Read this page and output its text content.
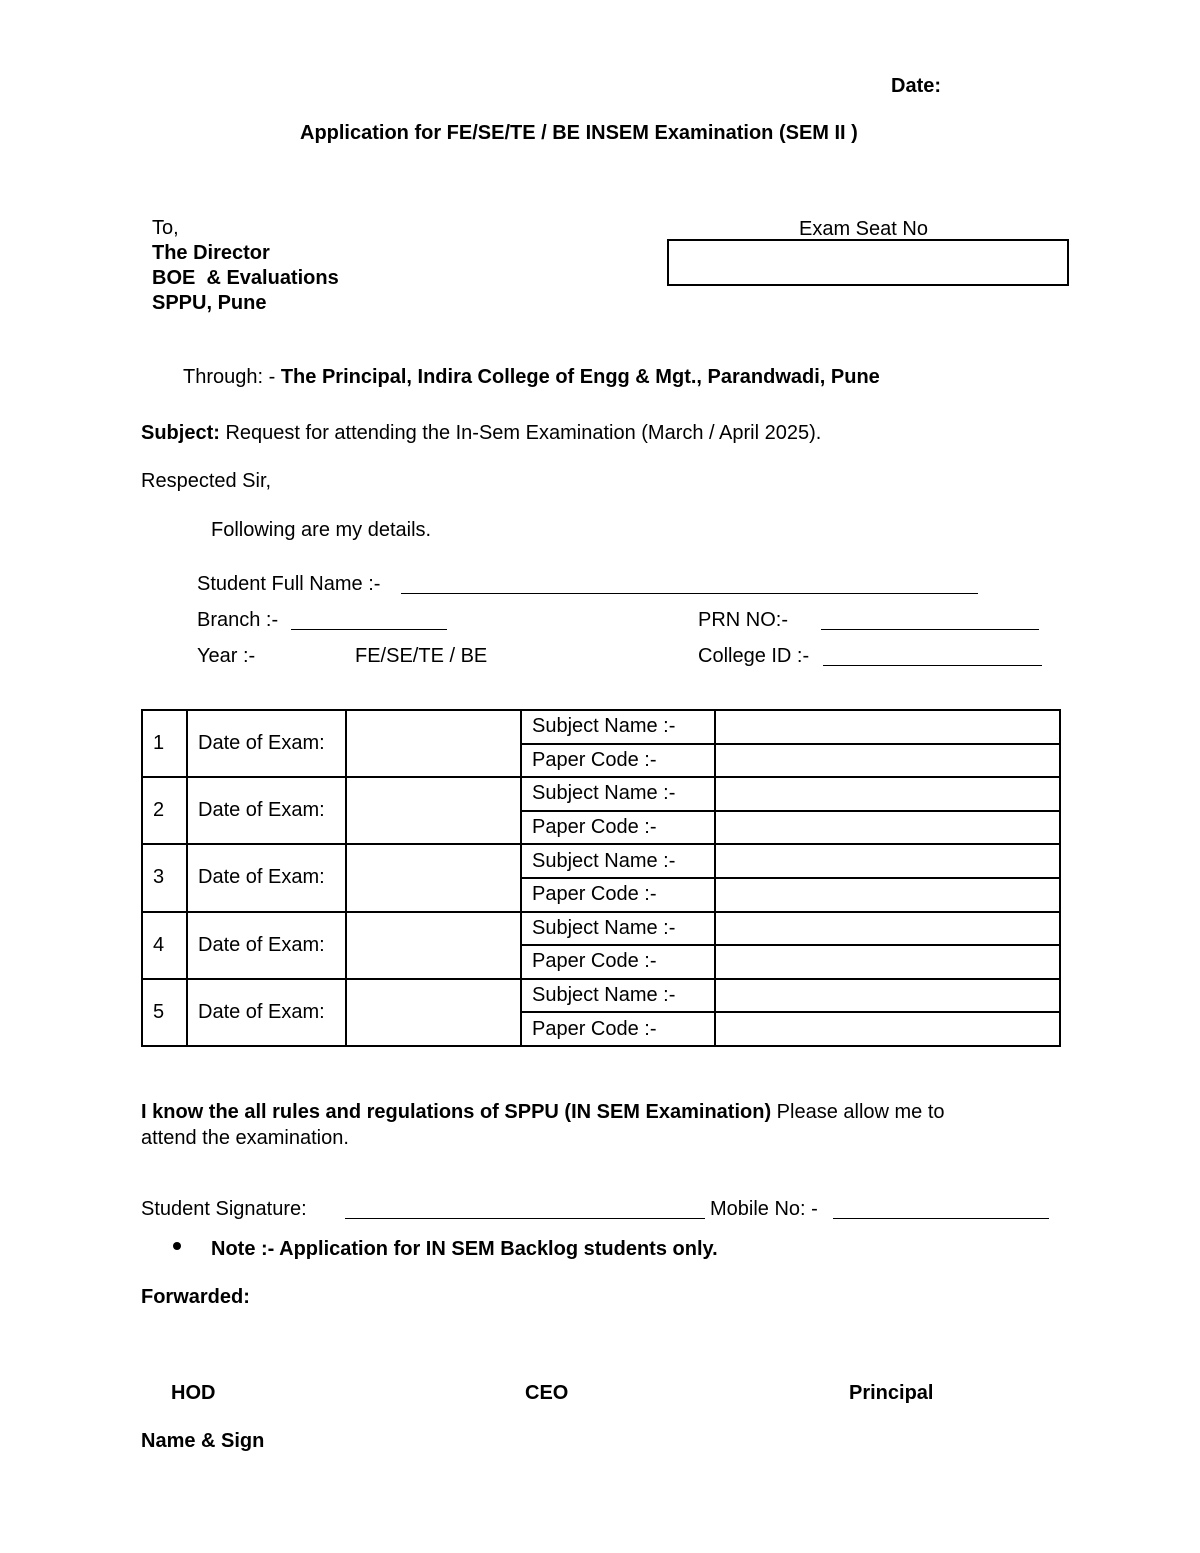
Date:
Application for FE/SE/TE / BE INSEM Examination (SEM II )
To,
The Director
BOE  & Evaluations
SPPU, Pune
Exam Seat No
Through: - The Principal, Indira College of Engg & Mgt., Parandwadi, Pune
Subject: Request for attending the In-Sem Examination (March / April 2025).
Respected Sir,
Following are my details.
Student Full Name :-
Branch :-	PRN NO:-
Year :-	FE/SE/TE / BE	College ID :-
1	Date of Exam:		Subject Name :-	
			Paper Code :-	
2	Date of Exam:		Subject Name :-	
			Paper Code :-	
3	Date of Exam:		Subject Name :-	
			Paper Code :-	
4	Date of Exam:		Subject Name :-	
			Paper Code :-	
5	Date of Exam:		Subject Name :-	
			Paper Code :-	
I know the all rules and regulations of SPPU (IN SEM Examination) Please allow me to
attend the examination.
Student Signature:	Mobile No: -
Note :- Application for IN SEM Backlog students only.
Forwarded:
HOD	CEO	Principal
Name & Sign
